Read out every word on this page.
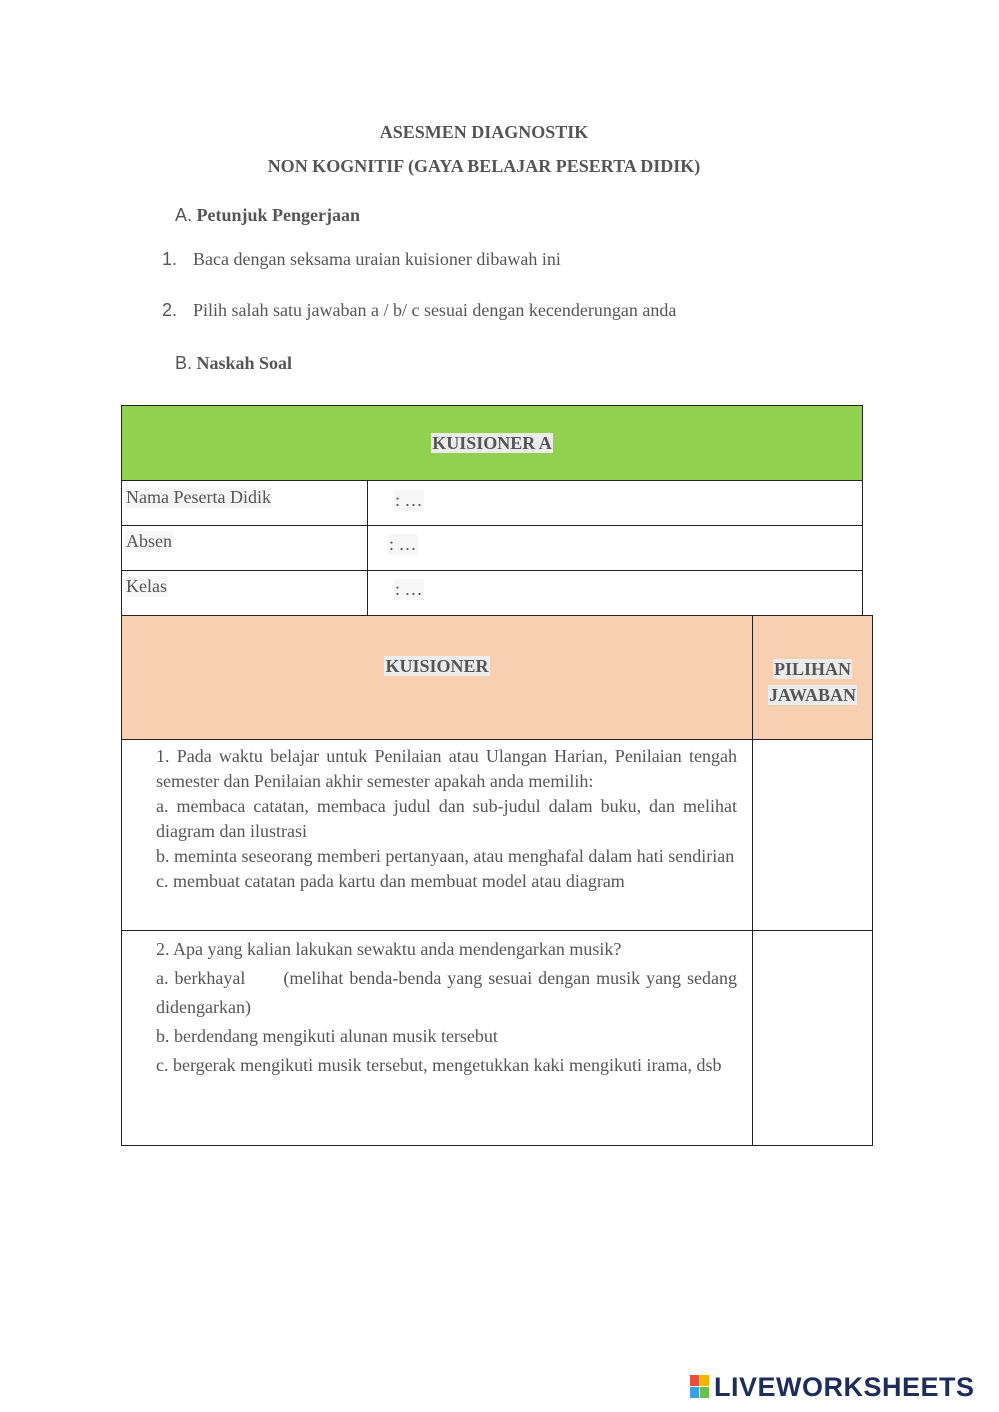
ASESMEN DIAGNOSTIK
NON KOGNITIF (GAYA BELAJAR PESERTA DIDIK)
A. Petunjuk Pengerjaan
1. Baca dengan seksama uraian kuisioner dibawah ini
2. Pilih salah satu jawaban a / b/ c sesuai dengan kecenderungan anda
B. Naskah Soal
KUISIONER A
Nama Peserta Didik	: …
Absen	: …
Kelas	: …
KUISIONER	PILIHAN
JAWABAN

1. Pada waktu belajar untuk Penilaian atau Ulangan Harian, Penilaian tengah semester dan Penilaian akhir semester apakah anda memilih:

a. membaca catatan, membaca judul dan sub-judul dalam buku, dan melihat diagram dan ilustrasi

b. meminta seseorang memberi pertanyaan, atau menghafal dalam hati sendirian

c. membuat catatan pada kartu dan membuat model atau diagram

2. Apa yang kalian lakukan sewaktu anda mendengarkan musik?

a. berkhayal (melihat benda-benda yang sesuai dengan musik yang sedang didengarkan)

b. berdendang mengikuti alunan musik tersebut

c. bergerak mengikuti musik tersebut, mengetukkan kaki mengikuti irama, dsb

LIVEWORKSHEETS
